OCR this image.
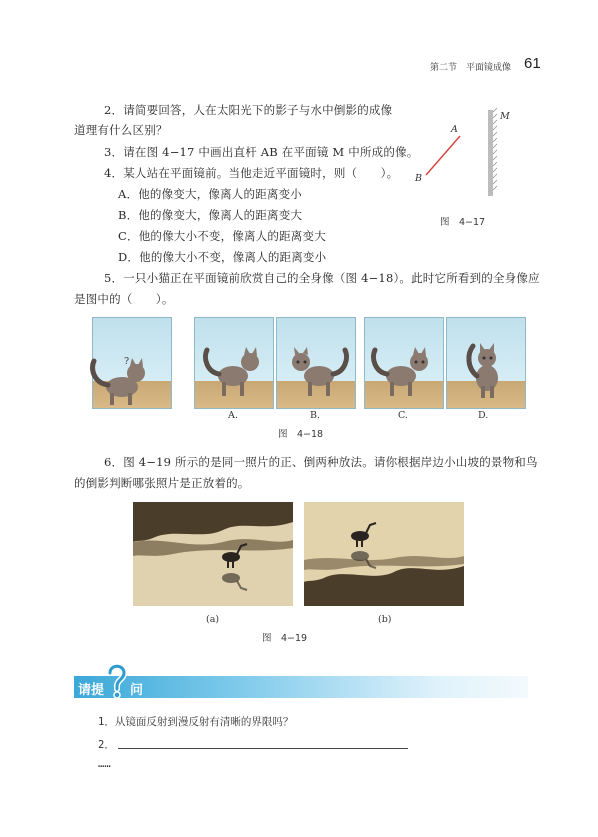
第二节　平面镜成像 61
2．请简要回答，人在太阳光下的影子与水中倒影的成像
道理有什么区别？
3．请在图 4−17 中画出直杆 AB 在平面镜 M 中所成的像。
4．某人站在平面镜前。当他走近平面镜时，则（　　）。
A．他的像变大，像离人的距离变小
B．他的像变大，像离人的距离变大
C．他的像大小不变，像离人的距离变大
D．他的像大小不变，像离人的距离变小
A
B
M
图　4−17
5．一只小猫正在平面镜前欣赏自己的全身像（图 4−18）。此时它所看到的全身像应
是图中的（　　）。
?
A.	B.	C.	D.
图　4−18
6．图 4−19 所示的是同一照片的正、倒两种放法。请你根据岸边小山坡的景物和鸟
的倒影判断哪张照片是正放着的。
(a)	(b)
图　4−19
请提 问
1．从镜面反射到漫反射有清晰的界限吗？
2．
……
